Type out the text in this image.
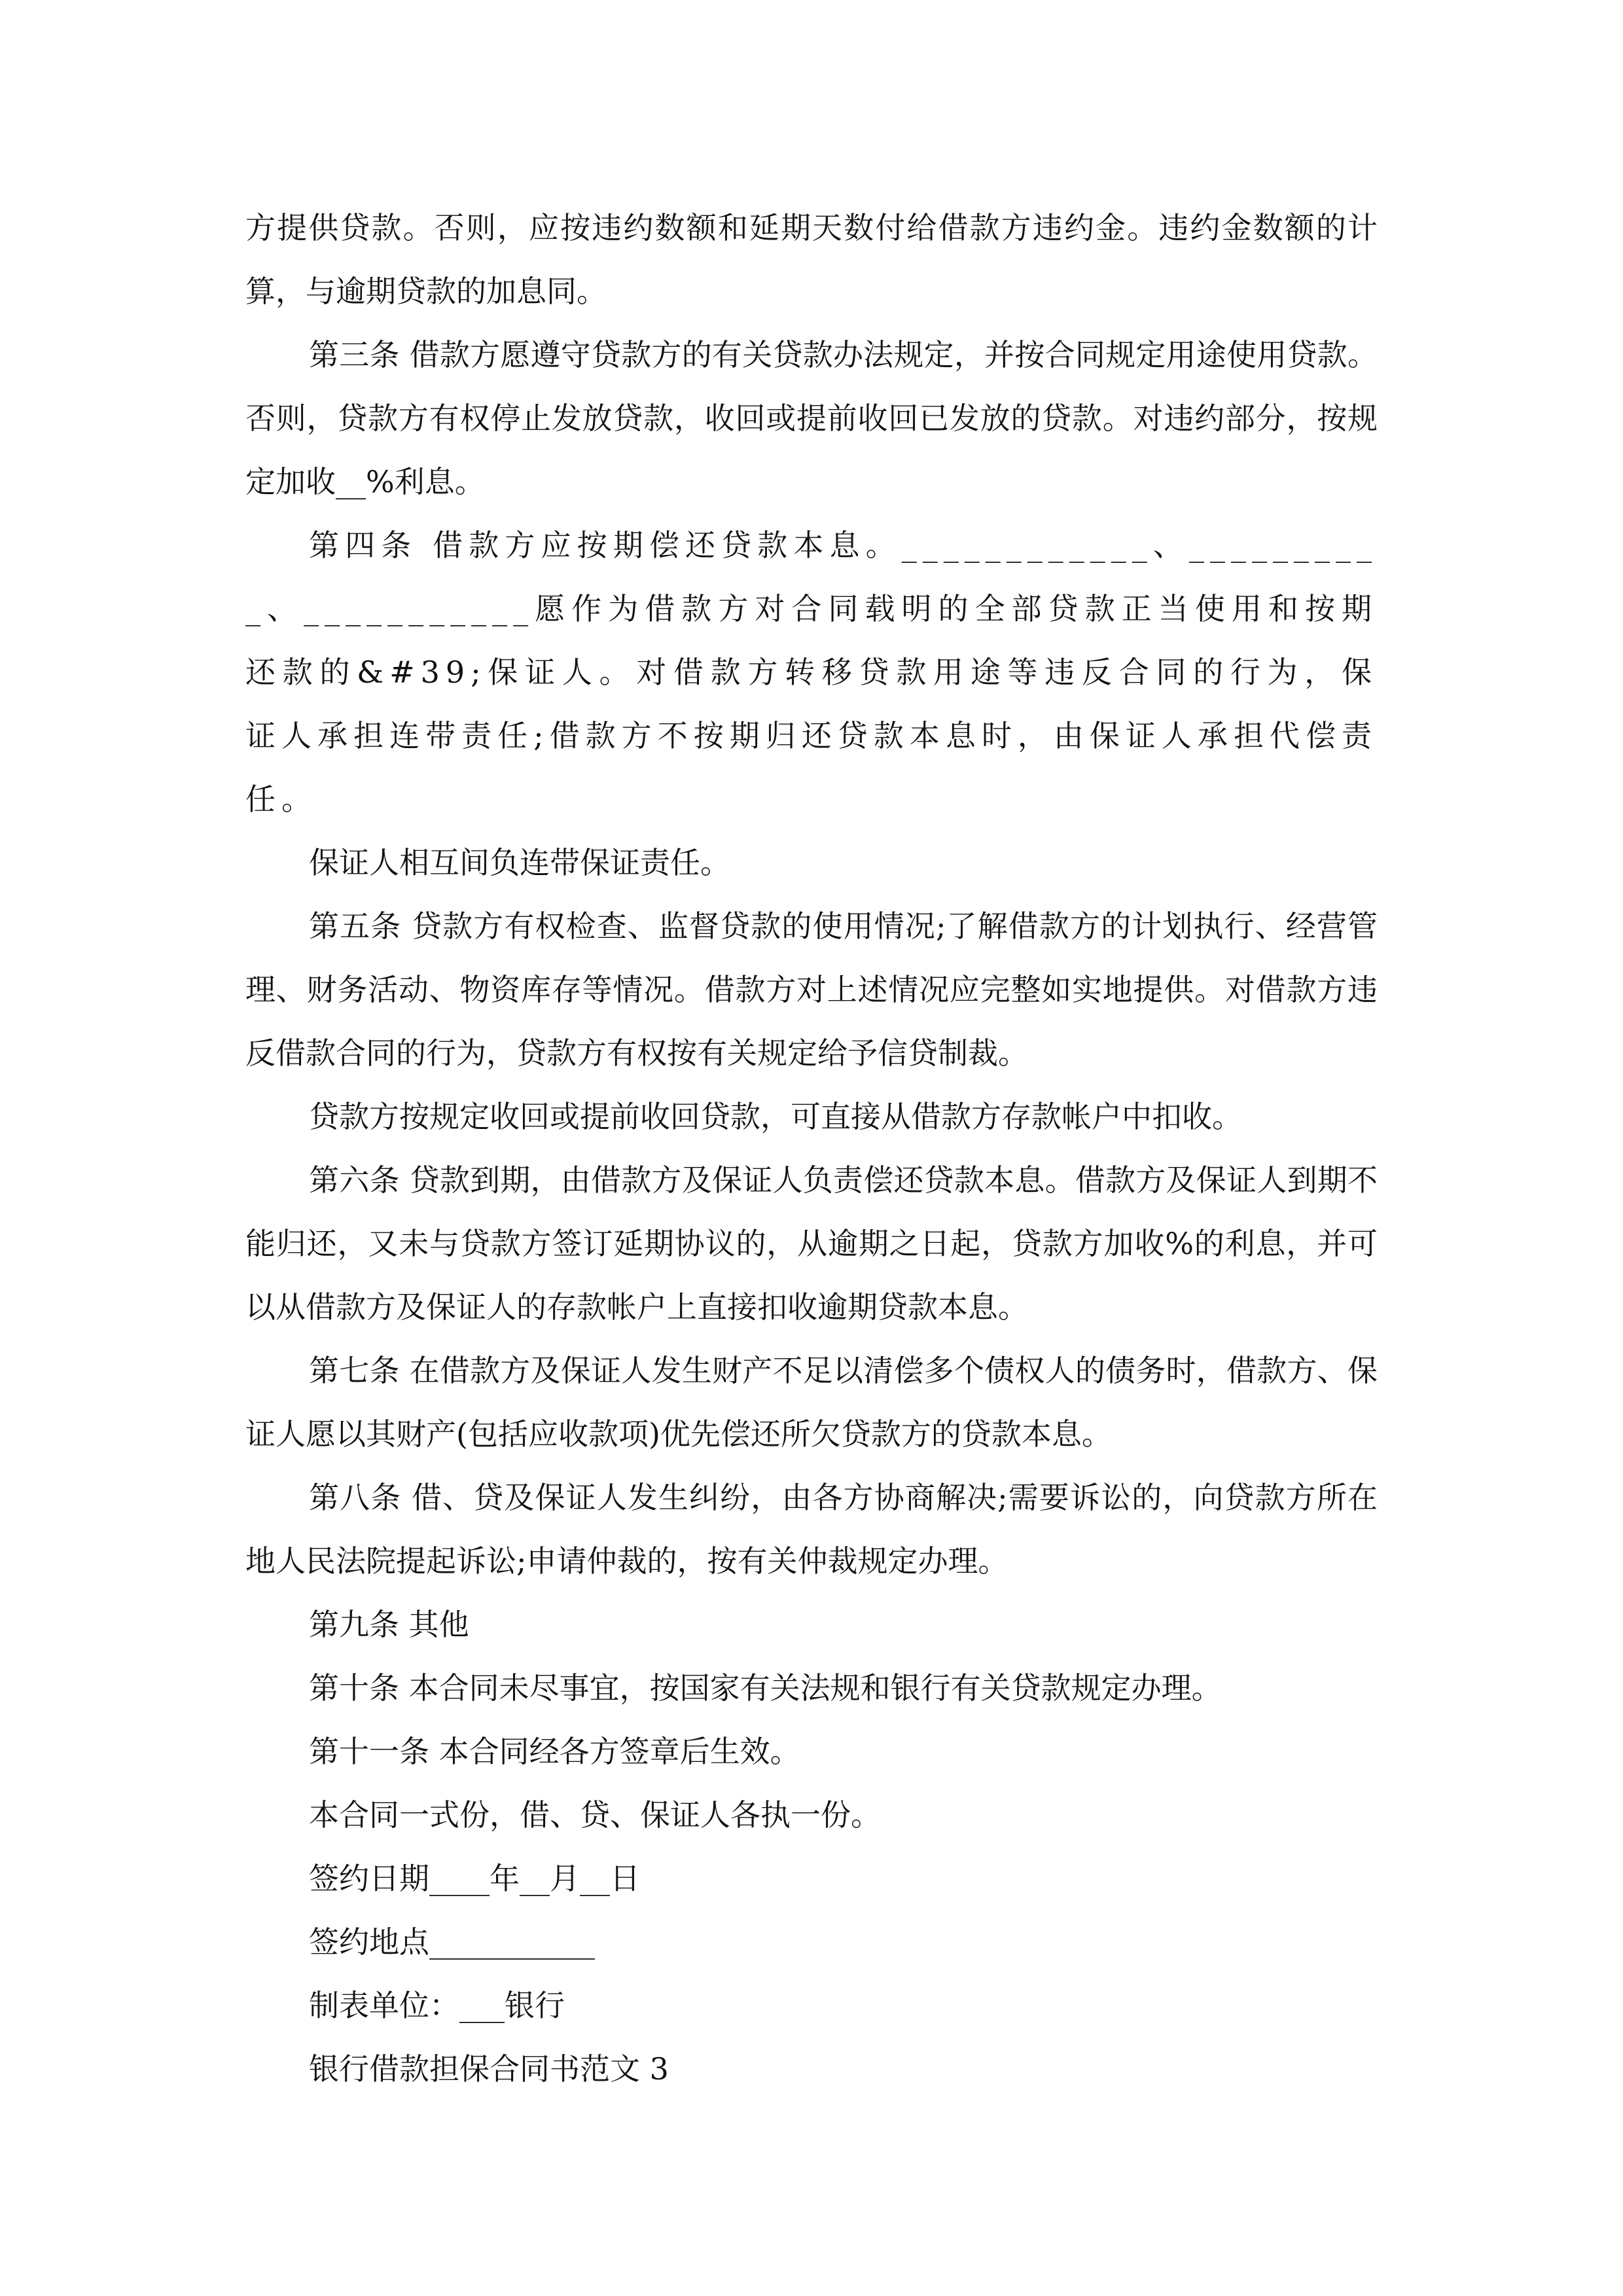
方提供贷款。否则，应按违约数额和延期天数付给借款方违约金。违约金数额的计算，与逾期贷款的加息同。

第三条 借款方愿遵守贷款方的有关贷款办法规定，并按合同规定用途使用贷款。否则，贷款方有权停止发放贷款，收回或提前收回已发放的贷款。对违约部分，按规定加收__%利息。

第四条 借款方应按期偿还贷款本息。____________、__________、___________愿作为借款方对合同载明的全部贷款正当使用和按期还款的&#39;保证人。对借款方转移贷款用途等违反合同的行为，保证人承担连带责任;借款方不按期归还贷款本息时，由保证人承担代偿责任。

保证人相互间负连带保证责任。

第五条 贷款方有权检查、监督贷款的使用情况;了解借款方的计划执行、经营管理、财务活动、物资库存等情况。借款方对上述情况应完整如实地提供。对借款方违反借款合同的行为，贷款方有权按有关规定给予信贷制裁。

贷款方按规定收回或提前收回贷款，可直接从借款方存款帐户中扣收。

第六条 贷款到期，由借款方及保证人负责偿还贷款本息。借款方及保证人到期不能归还，又未与贷款方签订延期协议的，从逾期之日起，贷款方加收%的利息，并可以从借款方及保证人的存款帐户上直接扣收逾期贷款本息。

第七条 在借款方及保证人发生财产不足以清偿多个债权人的债务时，借款方、保证人愿以其财产(包括应收款项)优先偿还所欠贷款方的贷款本息。

第八条 借、贷及保证人发生纠纷，由各方协商解决;需要诉讼的，向贷款方所在地人民法院提起诉讼;申请仲裁的，按有关仲裁规定办理。

第九条 其他

第十条 本合同未尽事宜，按国家有关法规和银行有关贷款规定办理。

第十一条 本合同经各方签章后生效。

本合同一式份，借、贷、保证人各执一份。

签约日期____年__月__日

签约地点___________

制表单位：___银行

银行借款担保合同书范文 3
